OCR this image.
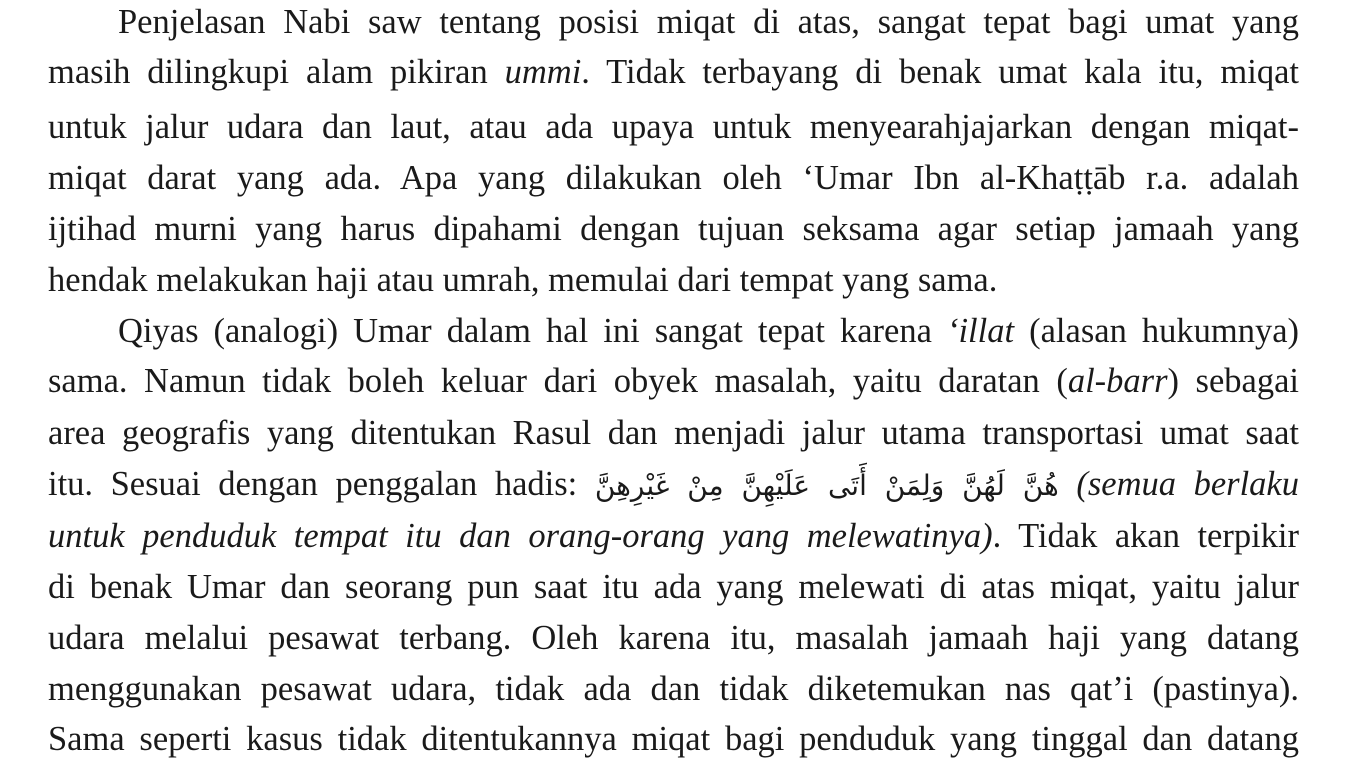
Penjelasan Nabi saw tentang posisi miqat di atas, sangat tepat bagi umat yang
masih dilingkupi alam pikiran ummi. Tidak terbayang di benak umat kala itu, miqat
untuk jalur udara dan laut, atau ada upaya untuk menyearahjajarkan dengan miqat-
miqat darat yang ada. Apa yang dilakukan oleh ‘Umar Ibn al-Khaṭṭāb r.a. adalah
ijtihad murni yang harus dipahami dengan tujuan seksama agar setiap jamaah yang
hendak melakukan haji atau umrah, memulai dari tempat yang sama.
Qiyas (analogi) Umar dalam hal ini sangat tepat karena ‘illat (alasan hukumnya)
sama. Namun tidak boleh keluar dari obyek masalah, yaitu daratan (al-barr) sebagai
area geografis yang ditentukan Rasul dan menjadi jalur utama transportasi umat saat
itu. Sesuai dengan penggalan hadis: هُنَّ لَهُنَّ وَلِمَنْ أَتَى عَلَيْهِنَّ مِنْ غَيْرِهِنَّ (semua berlaku
untuk penduduk tempat itu dan orang-orang yang melewatinya). Tidak akan terpikir
di benak Umar dan seorang pun saat itu ada yang melewati di atas miqat, yaitu jalur
udara melalui pesawat terbang. Oleh karena itu, masalah jamaah haji yang datang
menggunakan pesawat udara, tidak ada dan tidak diketemukan nas qat’i (pastinya).
Sama seperti kasus tidak ditentukannya miqat bagi penduduk yang tinggal dan datang
